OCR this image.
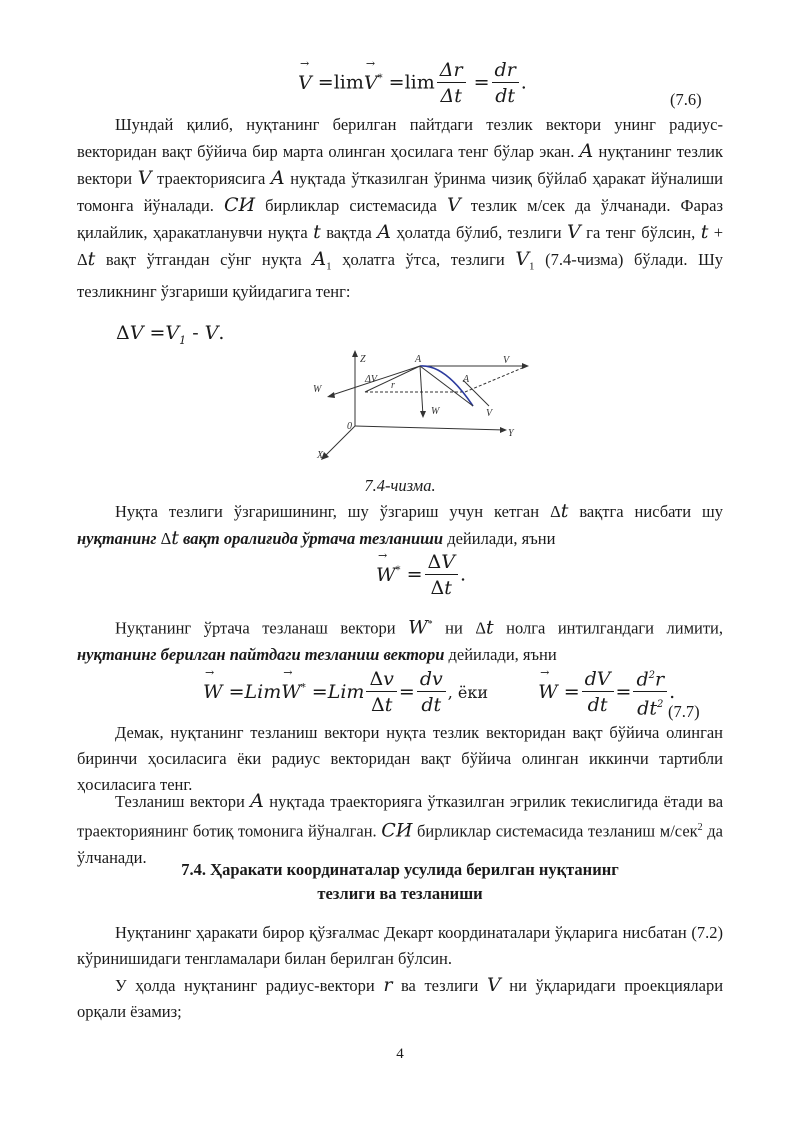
→ $V =\lim\to V^* =\lim \frac{\Delta r}{\Delta t} = \frac{dr}{dt}$ .
(7.6)
Шундай қилиб, нуқтанинг берилган пайтдаги тезлик вектори унинг радиус-векторидан вақт бўйича бир марта олинган ҳосилага тенг бўлар экан. A нуқтанинг тезлик вектори V траекториясига A нуқтада ўтказилган ўринма чизиқ бўйлаб ҳаракат йўналиши томонга йўналади. СИ бирликлар системасида V тезлик м/сек да ўлчанади. Фараз қилайлик, ҳаракатланувчи нуқта t вақтда A ҳолатда бўлиб, тезлиги V га тенг бўлсин, t + Δt вақт ўтгандан сўнг нуқта $A_1$ ҳолатга ўтса, тезлиги $V_1$ (7.4-чизма) бўлади. Шу тезликнинг ўзгариши қуйидагига тенг:
$\Delta V =V_1 - V$.
Z	A	V
W
ΔV
r
A
W	V
0
Y
X
7.4-чизма.
Нуқта тезлиги ўзгаришининг, шу ўзгариш учун кетган Δt вақтга нисбати шу нуқтанинг Δt вақт оралиғида ўртача тезланиши дейилади, яъни
→ $W^* = \frac{\Delta V}{\Delta t}$ .
Нуқтанинг ўртача тезланаш вектори W* ни Δt нолга интилгандаги лимити, нуқтанинг берилган пайтдаги тезланиш вектори дейилади, яъни
→ $W =Lim\to W^* =Lim \frac{\Delta v}{\Delta t} = \frac{dv}{dt}$ , ёки  →	$W = \frac{dV}{dt} = \frac{d^2r}{dt^2}$ .
(7.7)
Демак, нуқтанинг тезланиш вектори нуқта тезлик векторидан вақт бўйича олинган биринчи ҳосиласига ёки радиус векторидан вақт бўйича олинган иккинчи тартибли ҳосиласига тенг.
Тезланиш вектори A нуқтада траекторияга ўтказилган эгрилик текислигида ётади ва траекториянинг ботиқ томонига йўналган. СИ бирликлар системасида тезланиш м/сек$^2$ да ўлчанади.
7.4. Ҳаракати координаталар усулида берилган нуқтанинг
тезлиги ва тезланиши
Нуқтанинг ҳаракати бирор қўзғалмас Декарт координаталари ўқларига нисбатан (7.2) кўринишидаги тенгламалари билан берилган бўлсин.
У ҳолда нуқтанинг радиус-вектори r ва тезлиги V ни ўқларидаги проекциялари орқали ёзамиз;
4
